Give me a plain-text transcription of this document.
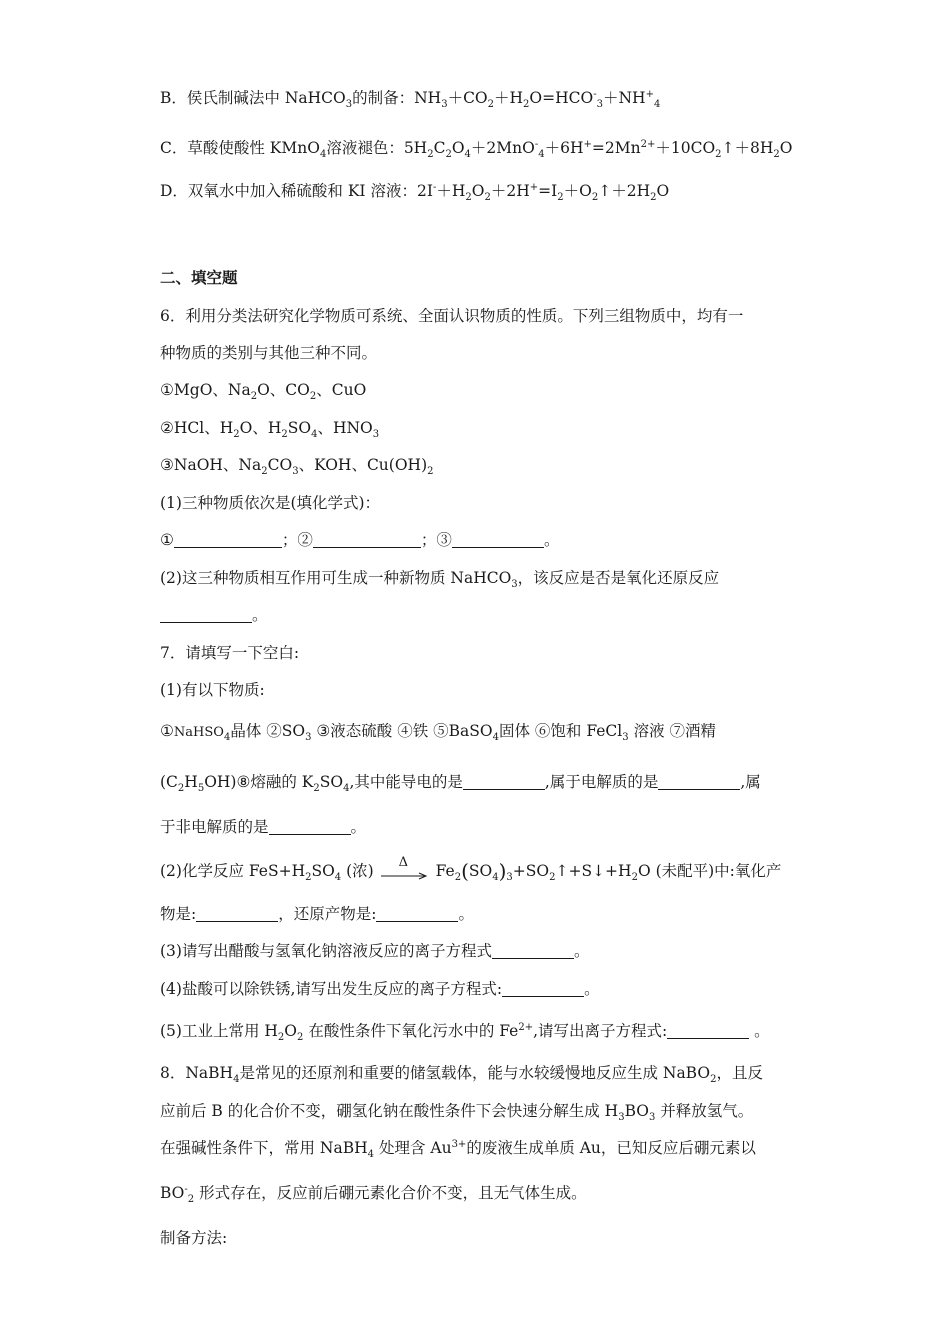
B．侯氏制碱法中 NaHCO$_3$的制备：$NH_3+CO_2+H_2O=HCO^-_3+NH^+_4$
C．草酸使酸性 KMnO$_4$溶液褪色：$5H_2C_2O_4+2MnO^-_4+6H^+=2Mn^{2+}+10CO_2↑+8H_2O$
D．双氧水中加入稀硫酸和 KI 溶液：$2I^-+H_2O_2+2H^+=I_2+O_2↑+2H_2O$
二、填空题
6．利用分类法研究化学物质可系统、全面认识物质的性质。下列三组物质中，均有一
种物质的类别与其他三种不同。
①MgO、$Na_2O$、$CO_2$、CuO
②HCl、$H_2O$、$H_2SO_4$、$HNO_3$
③NaOH、$Na_2CO_3$、KOH、$Cu(OH)_2$
(1)三种物质依次是(填化学式)：
①	；②	；③	。
(2)这三种物质相互作用可生成一种新物质 NaHCO$_3$，该反应是否是氧化还原反应
。
7．请填写一下空白:
(1)有以下物质:
①NaHSO$_4$晶体 $②SO_3$ ③液态硫酸 ④铁 ⑤BaSO$_4$固体 ⑥饱和 FeCl$_3$ 溶液 ⑦酒精
$(C_2H_5OH)⑧$熔融的 $K_2SO_4$,其中能导电的是	,属于电解质的是	,属
于非电解质的是	。
(2)化学反应 $FeS+H_2SO_4$ (浓) Δ $Fe_2(SO_4)_3+SO_2↑+S↓+H_2O$ (未配平)中:氧化产
物是:	，还原产物是:	。
(3)请写出醋酸与氢氧化钠溶液反应的离子方程式	。
(4)盐酸可以除铁锈,请写出发生反应的离子方程式:	。
(5)工业上常用 $H_2O_2$ 在酸性条件下氧化污水中的 $Fe^{2+}$,请写出离子方程式:	。
8．NaBH$_4$是常见的还原剂和重要的储氢载体，能与水较缓慢地反应生成 NaBO$_2$，且反
应前后 B 的化合价不变，硼氢化钠在酸性条件下会快速分解生成 $H_3BO_3$ 并释放氢气。
在强碱性条件下，常用 NaBH$_4$ 处理含 $Au^{3+}$的废液生成单质 Au，已知反应后硼元素以
$BO^-_2$ 形式存在，反应前后硼元素化合价不变，且无气体生成。
制备方法:
